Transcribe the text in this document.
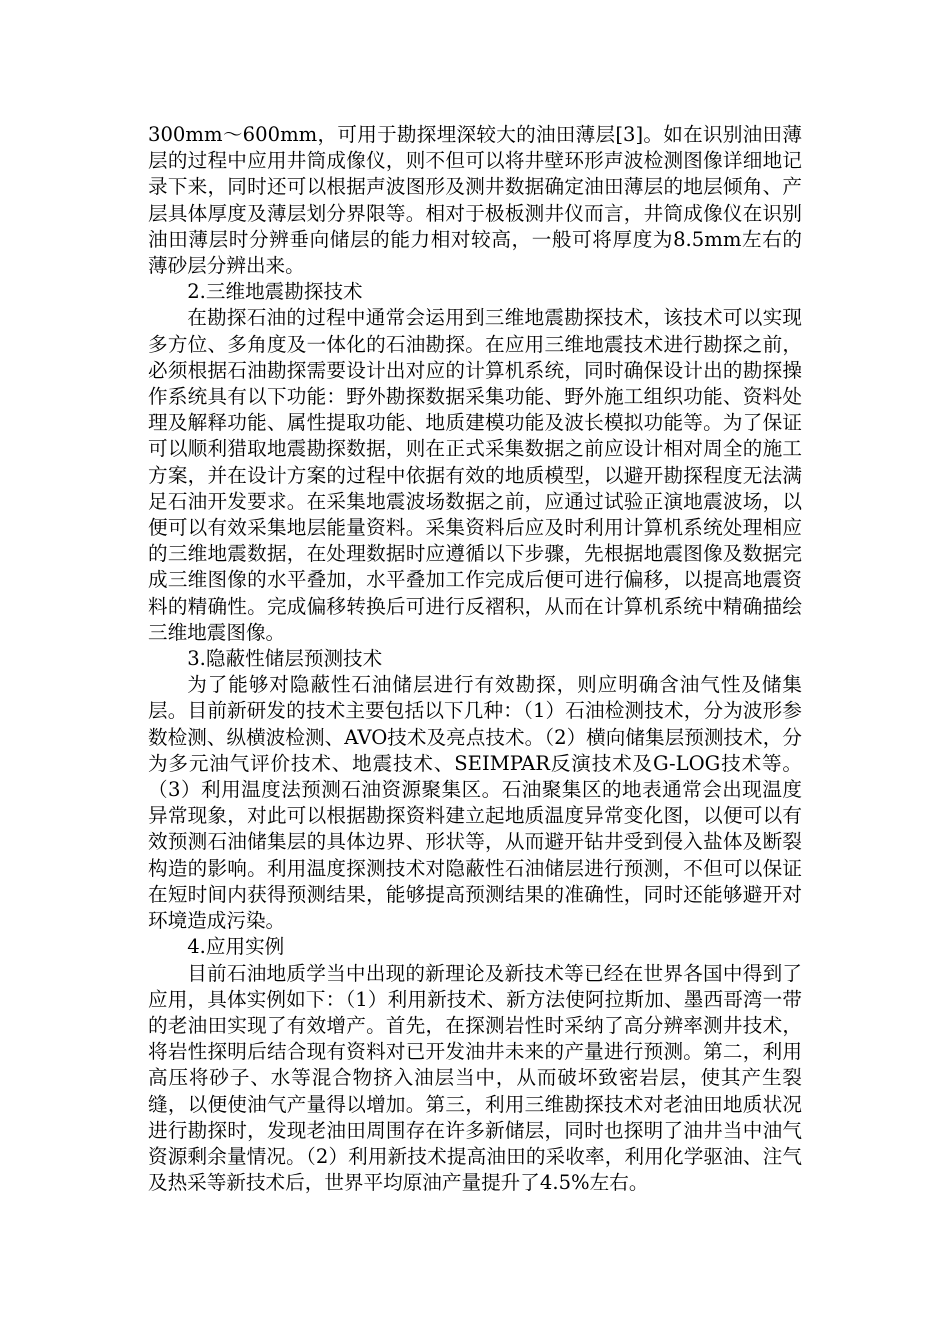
300mm～600mm，可用于勘探埋深较大的油田薄层[3]。如在识别油田薄层的过程中应用井筒成像仪，则不但可以将井壁环形声波检测图像详细地记录下来，同时还可以根据声波图形及测井数据确定油田薄层的地层倾角、产层具体厚度及薄层划分界限等。相对于极板测井仪而言，井筒成像仪在识别油田薄层时分辨垂向储层的能力相对较高，一般可将厚度为8.5mm左右的薄砂层分辨出来。

2.三维地震勘探技术

在勘探石油的过程中通常会运用到三维地震勘探技术，该技术可以实现多方位、多角度及一体化的石油勘探。在应用三维地震技术进行勘探之前，必须根据石油勘探需要设计出对应的计算机系统，同时确保设计出的勘探操作系统具有以下功能：野外勘探数据采集功能、野外施工组织功能、资料处理及解释功能、属性提取功能、地质建模功能及波长模拟功能等。为了保证可以顺利猎取地震勘探数据，则在正式采集数据之前应设计相对周全的施工方案，并在设计方案的过程中依据有效的地质模型，以避开勘探程度无法满足石油开发要求。在采集地震波场数据之前，应通过试验正演地震波场，以便可以有效采集地层能量资料。采集资料后应及时利用计算机系统处理相应的三维地震数据，在处理数据时应遵循以下步骤，先根据地震图像及数据完成三维图像的水平叠加，水平叠加工作完成后便可进行偏移，以提高地震资料的精确性。完成偏移转换后可进行反褶积，从而在计算机系统中精确描绘三维地震图像。

3.隐蔽性储层预测技术

为了能够对隐蔽性石油储层进行有效勘探，则应明确含油气性及储集层。目前新研发的技术主要包括以下几种：（1）石油检测技术，分为波形参数检测、纵横波检测、AVO技术及亮点技术。（2）横向储集层预测技术，分为多元油气评价技术、地震技术、SEIMPAR反演技术及G-LOG技术等。（3）利用温度法预测石油资源聚集区。石油聚集区的地表通常会出现温度异常现象，对此可以根据勘探资料建立起地质温度异常变化图，以便可以有效预测石油储集层的具体边界、形状等，从而避开钻井受到侵入盐体及断裂构造的影响。利用温度探测技术对隐蔽性石油储层进行预测，不但可以保证在短时间内获得预测结果，能够提高预测结果的准确性，同时还能够避开对环境造成污染。

4.应用实例

目前石油地质学当中出现的新理论及新技术等已经在世界各国中得到了应用，具体实例如下：（1）利用新技术、新方法使阿拉斯加、墨西哥湾一带的老油田实现了有效增产。首先，在探测岩性时采纳了高分辨率测井技术，将岩性探明后结合现有资料对已开发油井未来的产量进行预测。第二，利用高压将砂子、水等混合物挤入油层当中，从而破坏致密岩层，使其产生裂缝，以便使油气产量得以增加。第三，利用三维勘探技术对老油田地质状况进行勘探时，发现老油田周围存在许多新储层，同时也探明了油井当中油气资源剩余量情况。（2）利用新技术提高油田的采收率，利用化学驱油、注气及热采等新技术后，世界平均原油产量提升了4.5%左右。
